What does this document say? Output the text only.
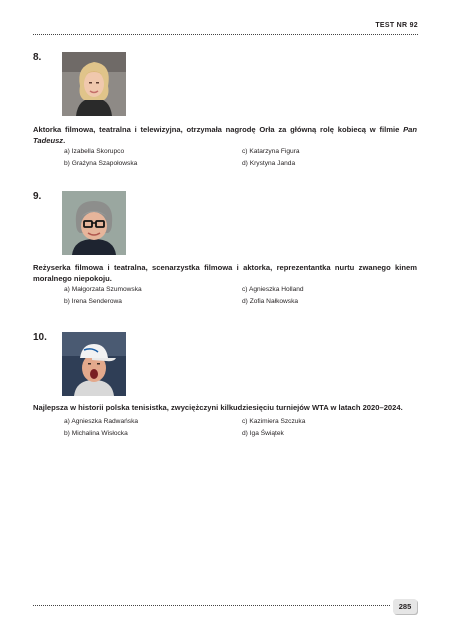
TEST NR 92
8.
Aktorka filmowa, teatralna i telewizyjna, otrzymała nagrodę Orła za główną rolę kobiecą w filmie Pan Tadeusz.
a) Izabella Skorupco
b) Grażyna Szapołowska
c) Katarzyna Figura
d) Krystyna Janda
9.
Reżyserka filmowa i teatralna, scenarzystka filmowa i aktorka, reprezentantka nurtu zwanego kinem moralnego niepokoju.
a) Małgorzata Szumowska
b) Irena Senderowa
c) Agnieszka Holland
d) Zofia Nałkowska
10.
Najlepsza w historii polska tenisistka, zwyciężczyni kilkudziesięciu turniejów WTA w latach 2020–2024.
a) Agnieszka Radwańska
b) Michalina Wisłocka
c) Kazimiera Szczuka
d) Iga Świątek
285
